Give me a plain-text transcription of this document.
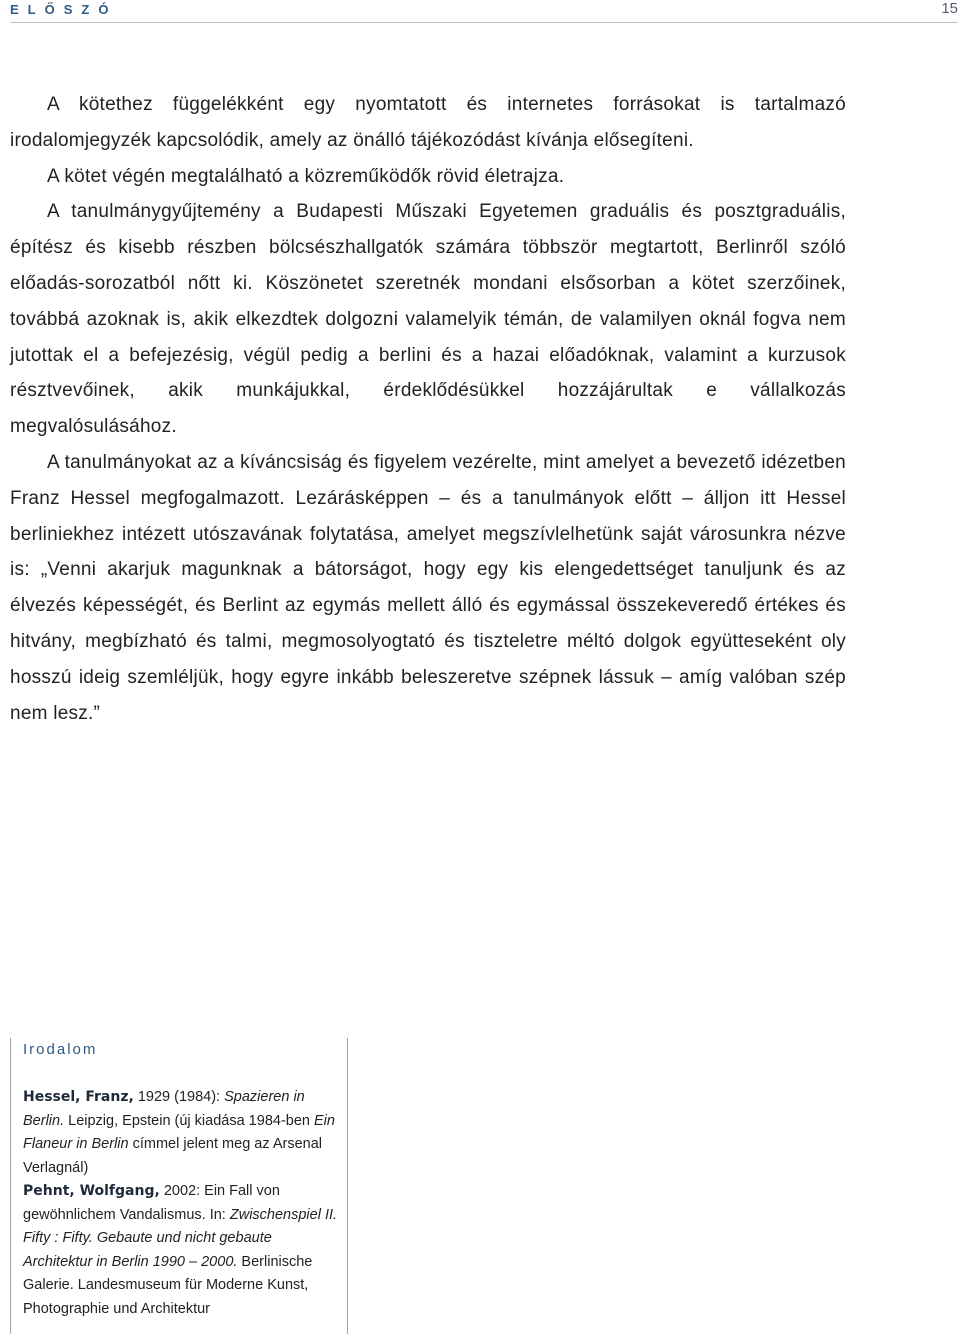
ELŐSZÓ	15

A kötethez függelékként egy nyomtatott és internetes forrásokat is tartalmazó irodalomjegyzék kapcsolódik, amely az önálló tájékozódást kívánja elősegíteni.

A kötet végén megtalálható a közreműködők rövid életrajza.

A tanulmánygyűjtemény a Budapesti Műszaki Egyetemen graduális és posztgraduális, építész és kisebb részben bölcsészhallgatók számára többször megtartott, Berlinről szóló előadás-sorozatból nőtt ki. Köszönetet szeretnék mondani elsősorban a kötet szerzőinek, továbbá azoknak is, akik elkezdtek dolgozni valamelyik témán, de valamilyen oknál fogva nem jutottak el a befejezésig, végül pedig a berlini és a hazai előadóknak, valamint a kurzusok résztvevőinek, akik munkájukkal, érdeklődésükkel hozzájárultak e vállalkozás megvalósulásához.

A tanulmányokat az a kíváncsiság és figyelem vezérelte, mint amelyet a bevezető idézetben Franz Hessel megfogalmazott. Lezárásképpen – és a tanulmányok előtt – álljon itt Hessel berliniekhez intézett utószavának folytatása, amelyet megszívlelhetünk saját városunkra nézve is: „Venni akarjuk magunknak a bátorságot, hogy egy kis elengedettséget tanuljunk és az élvezés képességét, és Berlint az egymás mellett álló és egymással összekeveredő értékes és hitvány, megbízható és talmi, megmosolyogtató és tiszteletre méltó dolgok együtteseként oly hosszú ideig szemléljük, hogy egyre inkább beleszeretve szépnek lássuk – amíg valóban szép nem lesz.”

Irodalom

Hessel, Franz, 1929 (1984): Spazieren in Berlin. Leipzig, Epstein (új kiadása 1984-ben Ein Flaneur in Berlin címmel jelent meg az Arsenal Verlagnál)

Pehnt, Wolfgang, 2002: Ein Fall von gewöhnlichem Vandalismus. In: Zwischenspiel II. Fifty : Fifty. Gebaute und nicht gebaute Architektur in Berlin 1990 – 2000. Berlinische Galerie. Landesmuseum für Moderne Kunst, Photographie und Architektur
